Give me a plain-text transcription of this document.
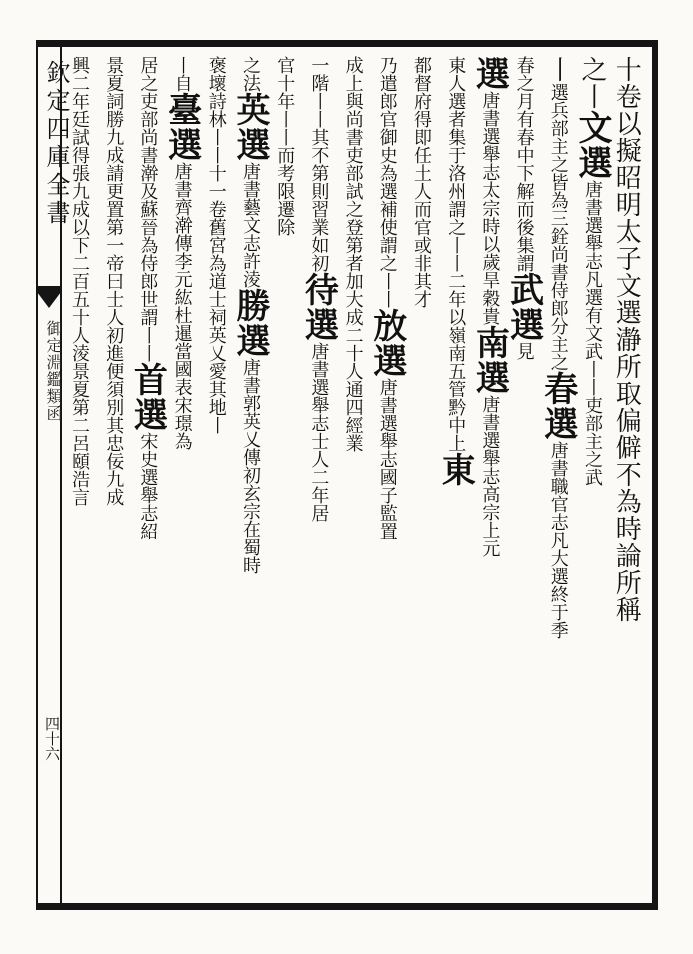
欽定四庫全書
御定淵鑑類函
四十六
十卷以擬昭明太子文選瀞所取偏僻不為時論所稱
之丨文選唐書選舉志凡選有文武丨丨吏部主之武
丨選兵部主之皆為三銓尚書侍郎分主之春選唐書職官志凡大選終于季
春之月有春中下解而後集謂武選見
選唐書選舉志太宗時以歲旱穀貴南選唐書選舉志高宗上元
東人選者集于洛州謂之丨丨二年以嶺南五管黔中上東
都督府得即任土人而官或非其才
乃遣郎官御史為選補使謂之丨丨放選唐書選舉志國子監置
成上與尚書吏部試之登第者加大成二十人通四經業
一階丨丨其不第則習業如初待選唐書選舉志士人二年居
官十年丨丨而考限遷除
之法英選唐書藝文志許淩勝選唐書郭英乂傳初玄宗在蜀時
褒壞詩林丨丨十一卷舊宮為道士祠英乂愛其地丨
丨自臺選唐書齊澣傳李元紘杜暹當國表宋璟為
居之吏部尚書澣及蘇晉為侍郎世謂丨丨首選宋史選舉志紹
景夏詞勝九成請更置第一帝曰士人初進便須別其忠佞九成
興二年廷試得張九成以下二百五十人淩景夏第二呂頤浩言
